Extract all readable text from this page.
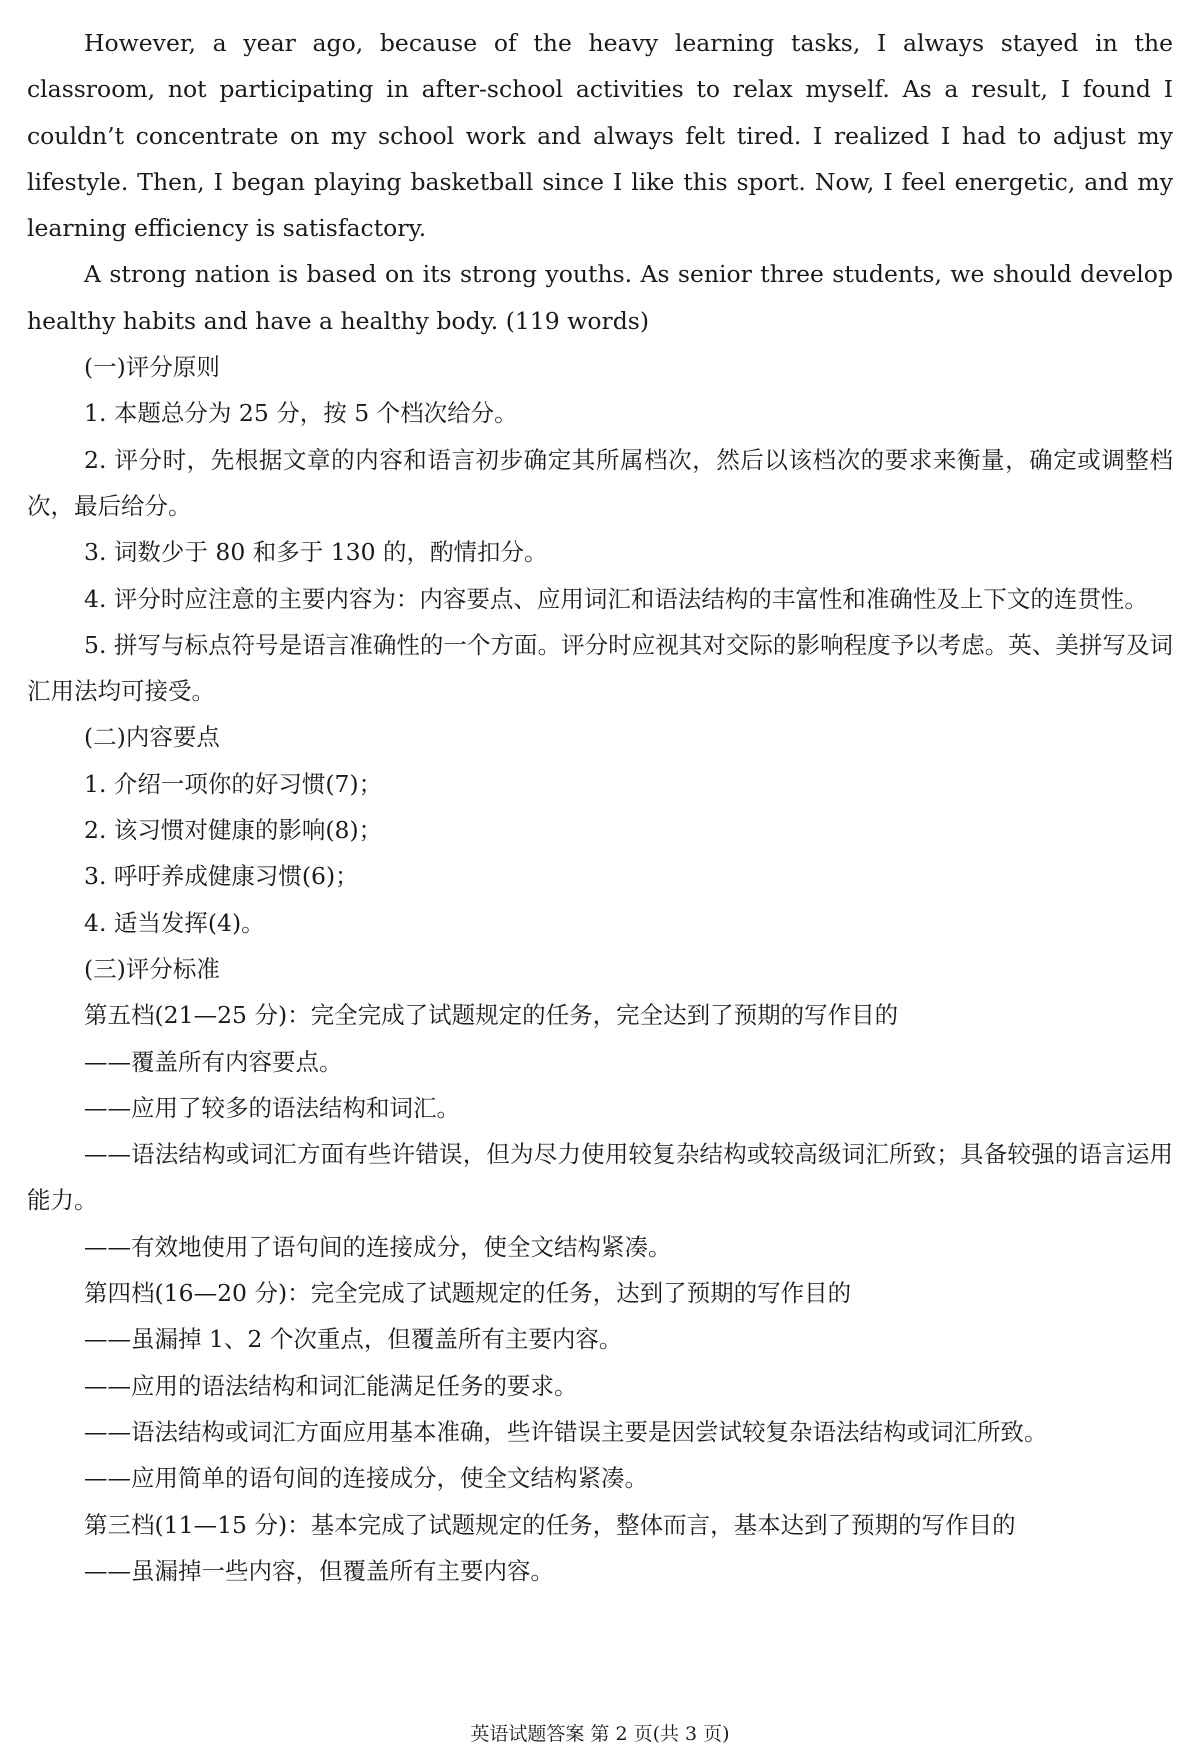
However, a year ago, because of the heavy learning tasks, I always stayed in the classroom, not participating in after-school activities to relax myself. As a result, I found I couldn’t concentrate on my school work and always felt tired. I realized I had to adjust my lifestyle. Then, I began playing basketball since I like this sport. Now, I feel energetic, and my learning efficiency is satisfactory.

A strong nation is based on its strong youths. As senior three students, we should develop healthy habits and have a healthy body. (119 words)

(一)评分原则

1. 本题总分为 25 分，按 5 个档次给分。

2. 评分时，先根据文章的内容和语言初步确定其所属档次，然后以该档次的要求来衡量，确定或调整档次，最后给分。

3. 词数少于 80 和多于 130 的，酌情扣分。

4. 评分时应注意的主要内容为：内容要点、应用词汇和语法结构的丰富性和准确性及上下文的连贯性。

5. 拼写与标点符号是语言准确性的一个方面。评分时应视其对交际的影响程度予以考虑。英、美拼写及词汇用法均可接受。

(二)内容要点

1. 介绍一项你的好习惯(7)；

2. 该习惯对健康的影响(8)；

3. 呼吁养成健康习惯(6)；

4. 适当发挥(4)。

(三)评分标准

第五档(21—25 分)：完全完成了试题规定的任务，完全达到了预期的写作目的

——覆盖所有内容要点。

——应用了较多的语法结构和词汇。

——语法结构或词汇方面有些许错误，但为尽力使用较复杂结构或较高级词汇所致；具备较强的语言运用能力。

——有效地使用了语句间的连接成分，使全文结构紧凑。

第四档(16—20 分)：完全完成了试题规定的任务，达到了预期的写作目的

——虽漏掉 1、2 个次重点，但覆盖所有主要内容。

——应用的语法结构和词汇能满足任务的要求。

——语法结构或词汇方面应用基本准确，些许错误主要是因尝试较复杂语法结构或词汇所致。

——应用简单的语句间的连接成分，使全文结构紧凑。

第三档(11—15 分)：基本完成了试题规定的任务，整体而言，基本达到了预期的写作目的

——虽漏掉一些内容，但覆盖所有主要内容。

英语试题答案 第 2 页(共 3 页)
